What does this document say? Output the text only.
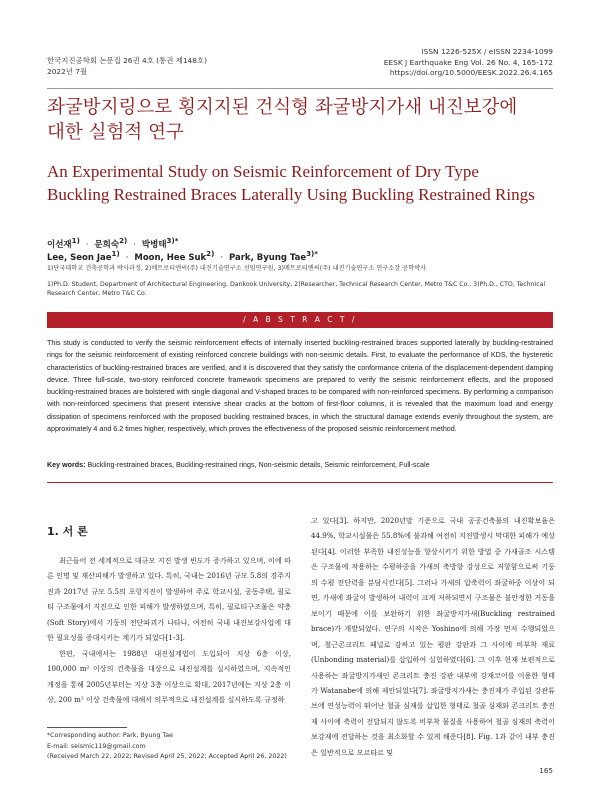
한국지진공학회 논문집 26권 4호 (통권 제148호)
2022년 7월
ISSN 1226-525X / eISSN 2234-1099
EESK J Earthquake Eng Vol. 26 No. 4, 165-172
https://doi.org/10.5000/EESK.2022.26.4.165
좌굴방지링으로 횡지지된 건식형 좌굴방지가새 내진보강에
대한 실험적 연구
An Experimental Study on Seismic Reinforcement of Dry Type
Buckling Restrained Braces Laterally Using Buckling Restrained Rings
이선재$^{1)}$ · 문희숙$^{2)}$ · 박병태$^{3)*}$
Lee, Seon Jae$^{1)}$ · Moon, Hee Suk$^{2)}$ · Park, Byung Tae$^{3)*}$
1)단국대학교 건축공학과 박사과정, 2)메트로티엔씨(주) 내진기술연구소 선임연구원, 3)메트로티엔씨(주) 내진기술연구소 연구소장 공학박사
1)Ph.D. Student, Department of Architectural Engineering, Dankook University, 2)Researcher, Technical Research Center, Metro T&C Co., 3)Ph.D., CTO, Technical Research Center, Metro T&C Co.
/ A B S T R A C T /
This study is conducted to verify the seismic reinforcement effects of internally inserted buckling-restrained braces supported laterally by buckling-restrained rings for the seismic reinforcement of existing reinforced concrete buildings with non-seismic details. First, to evaluate the performance of KDS, the hysteretic characteristics of buckling-restrained braces are verified, and it is discovered that they satisfy the conformance criteria of the displacement-dependent damping device. Three full-scale, two-story reinforced concrete framework specimens are prepared to verify the seismic reinforcement effects, and the proposed buckling-restrained braces are bolstered with single diagonal and V-shaped braces to be compared with non-reinforced specimens. By performing a comparison with non-reinforced specimens that present intensive shear cracks at the bottom of first-floor columns, it is revealed that the maximum load and energy dissipation of specimens reinforced with the proposed buckling restrained braces, in which the structural damage extends evenly throughout the system, are approximately 4 and 6.2 times higher, respectively, which proves the effectiveness of the proposed seismic reinforcement method.
Key words: Buckling-restrained braces, Buckling-restrained rings, Non-seismic details, Seismic reinforcement, Full-scale
1. 서 론

최근들어 전 세계적으로 대규모 지진 발생 빈도가 증가하고 있으며, 이에 따른 인명 및 재산피해가 발생하고 있다. 특히, 국내는 2016년 규모 5.8의 경주지진과 2017년 규모 5.5의 포항지진이 발생하여 주로 학교시설, 공동주택, 필로티 구조물에서 지진으로 인한 피해가 발생하였으며, 특히, 필로티구조물은 약층(Soft Story)에서 기둥의 전단파괴가 나타나, 여전히 국내 내진보강사업에 대한 필요성을 증대시키는 계기가 되었다[1-3].

한편, 국내에서는 1988년 내진설계법이 도입되어 지상 6층 이상, 100,000 m² 이상의 건축물을 대상으로 내진설계를 실시하였으며, 지속적인 개정을 통해 2005년부터는 지상 3층 이상으로 확대, 2017년에는 지상 2층 이상, 200 m² 이상 건축물에 대해서 의무적으로 내진설계를 실시하도록 규정하

고 있다[3]. 하지만, 2020년말 기준으로 국내 공공건축물의 내진확보율은 44.9%, 학교시설물은 55.8%에 불과해 여전히 지진발생시 막대한 피해가 예상된다[4]. 이러한 부족한 내진성능을 향상시키기 위한 방법 중 가새골조 시스템은 구조물에 작용하는 수평하중을 가새의 축방향 강성으로 저항함으로써 기둥의 수평 전단력을 분담시킨다[5]. 그러나 가새의 압축력이 좌굴하중 이상이 되면, 가새에 좌굴이 발생하여 내력이 크게 저하되면서 구조물은 불안정한 거동을 보이기 때문에 이를 보완하기 위한 좌굴방지가새(Buckling restrained brace)가 개발되었다. 연구의 시작은 Yoshino에 의해 가장 먼저 수행되었으며, 철근콘크리트 패널로 감싸고 있는 평판 강판과 그 사이에 비부착 재료(Unbonding material)를 삽입하여 실험하였다[6]. 그 이후 현재 보편적으로 사용하는 좌굴방지가새인 콘크리트 충진 강관 내부에 강재코어를 이용한 형태가 Watanabe에 의해 제안되었다[7]. 좌굴방지가새는 충진재가 주입된 강관튜브에 연성능력이 뛰어난 철골 심재를 삽입한 형태로 철골 심재와 콘크리트 충진재 사이에 축력이 전달되지 않도록 비부착 물질을 사용하여 철골 심재의 축력이 보강재에 전달하는 것을 최소화할 수 있게 해준다[8]. Fig. 1과 같이 내부 충진은 일반적으로 모르타르 및

*Corresponding author: Park, Byung Tae
E-mail: seismic119@gmail.com
(Received March 22, 2022; Revised April 25, 2022; Accepted April 26, 2022)
165
